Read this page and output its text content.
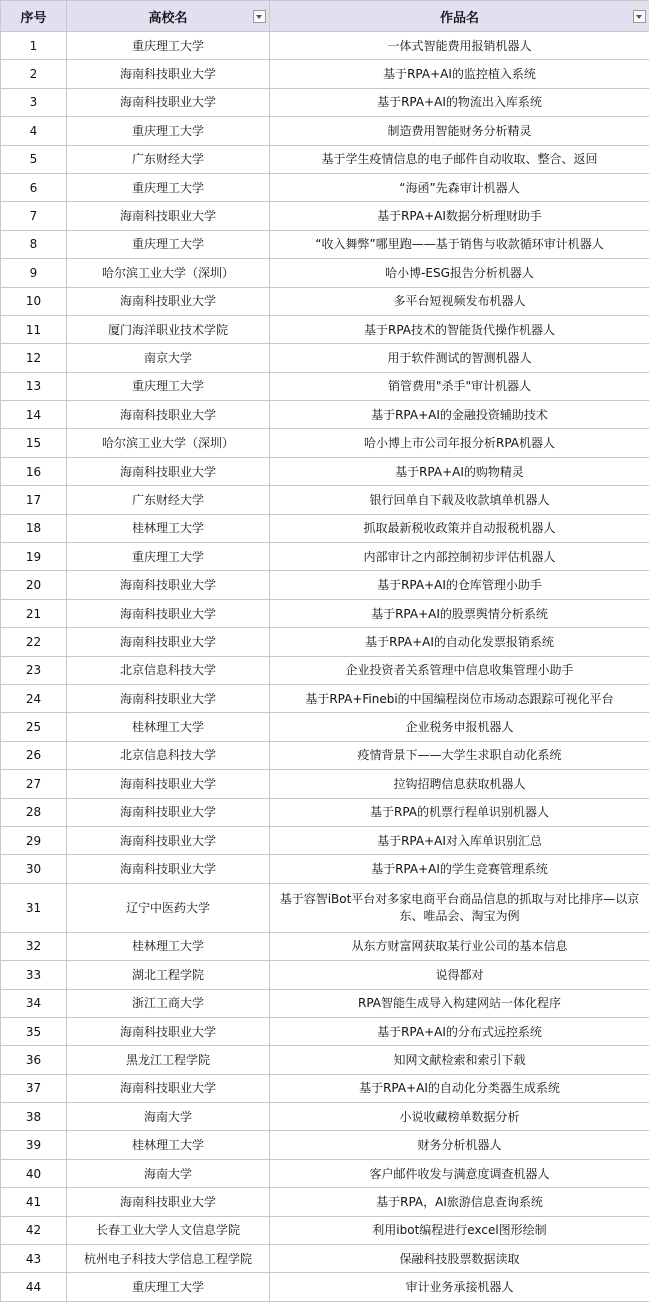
序号	高校名	作品名

1	重庆理工大学	一体式智能费用报销机器人
2	海南科技职业大学	基于RPA+AI的监控植入系统
3	海南科技职业大学	基于RPA+AI的物流出入库系统
4	重庆理工大学	制造费用智能财务分析精灵
5	广东财经大学	基于学生疫情信息的电子邮件自动收取、整合、返回
6	重庆理工大学	“海函”先森审计机器人
7	海南科技职业大学	基于RPA+AI数据分析理财助手
8	重庆理工大学	“收入舞弊”哪里跑——基于销售与收款循环审计机器人
9	哈尔滨工业大学（深圳）	哈小博-ESG报告分析机器人
10	海南科技职业大学	多平台短视频发布机器人
11	厦门海洋职业技术学院	基于RPA技术的智能货代操作机器人
12	南京大学	用于软件测试的智测机器人
13	重庆理工大学	销管费用"杀手"审计机器人
14	海南科技职业大学	基于RPA+AI的金融投资辅助技术
15	哈尔滨工业大学（深圳）	哈小博上市公司年报分析RPA机器人
16	海南科技职业大学	基于RPA+AI的购物精灵
17	广东财经大学	银行回单自下载及收款填单机器人
18	桂林理工大学	抓取最新税收政策并自动报税机器人
19	重庆理工大学	内部审计之内部控制初步评估机器人
20	海南科技职业大学	基于RPA+AI的仓库管理小助手
21	海南科技职业大学	基于RPA+AI的股票舆情分析系统
22	海南科技职业大学	基于RPA+AI的自动化发票报销系统
23	北京信息科技大学	企业投资者关系管理中信息收集管理小助手
24	海南科技职业大学	基于RPA+Finebi的中国编程岗位市场动态跟踪可视化平台
25	桂林理工大学	企业税务申报机器人
26	北京信息科技大学	疫情背景下——大学生求职自动化系统
27	海南科技职业大学	拉钩招聘信息获取机器人
28	海南科技职业大学	基于RPA的机票行程单识别机器人
29	海南科技职业大学	基于RPA+AI对入库单识别汇总
30	海南科技职业大学	基于RPA+AI的学生竞赛管理系统
31	辽宁中医药大学	基于容智iBot平台对多家电商平台商品信息的抓取与对比排序—以京东、唯品会、淘宝为例
32	桂林理工大学	从东方财富网获取某行业公司的基本信息
33	湖北工程学院	说得都对
34	浙江工商大学	RPA智能生成导入构建网站一体化程序
35	海南科技职业大学	基于RPA+AI的分布式远控系统
36	黑龙江工程学院	知网文献检索和索引下载
37	海南科技职业大学	基于RPA+AI的自动化分类器生成系统
38	海南大学	小说收藏榜单数据分析
39	桂林理工大学	财务分析机器人
40	海南大学	客户邮件收发与满意度调查机器人
41	海南科技职业大学	基于RPA，AI旅游信息查询系统
42	长春工业大学人文信息学院	利用ibot编程进行excel图形绘制
43	杭州电子科技大学信息工程学院	保融科技股票数据读取
44	重庆理工大学	审计业务承接机器人
